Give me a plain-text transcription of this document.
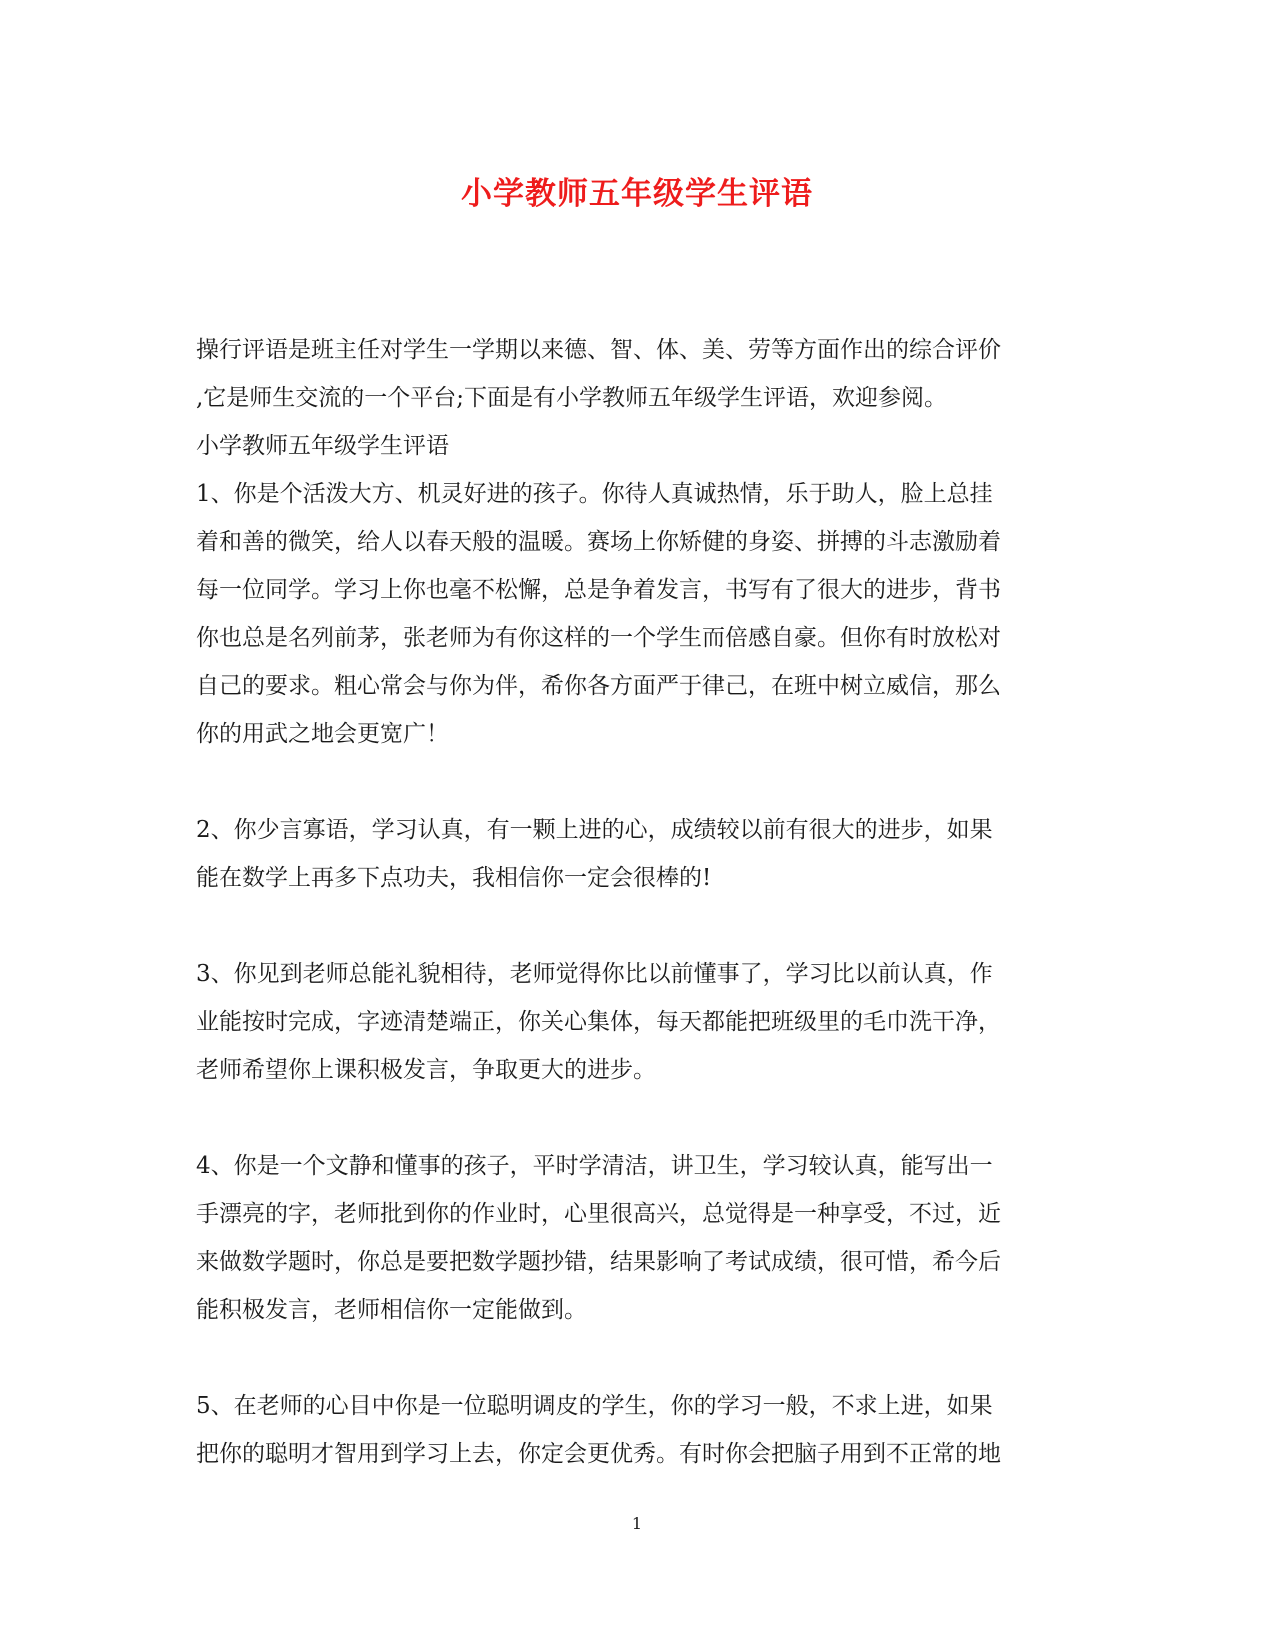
小学教师五年级学生评语
操行评语是班主任对学生一学期以来德、智、体、美、劳等方面作出的综合评价
,它是师生交流的一个平台;下面是有小学教师五年级学生评语，欢迎参阅。
小学教师五年级学生评语
1、你是个活泼大方、机灵好进的孩子。你待人真诚热情，乐于助人，脸上总挂
着和善的微笑，给人以春天般的温暖。赛场上你矫健的身姿、拼搏的斗志激励着
每一位同学。学习上你也毫不松懈，总是争着发言，书写有了很大的进步，背书
你也总是名列前茅，张老师为有你这样的一个学生而倍感自豪。但你有时放松对
自己的要求。粗心常会与你为伴，希你各方面严于律己，在班中树立威信，那么
你的用武之地会更宽广！
2、你少言寡语，学习认真，有一颗上进的心，成绩较以前有很大的进步，如果
能在数学上再多下点功夫，我相信你一定会很棒的!
3、你见到老师总能礼貌相待，老师觉得你比以前懂事了，学习比以前认真，作
业能按时完成，字迹清楚端正，你关心集体，每天都能把班级里的毛巾洗干净，
老师希望你上课积极发言，争取更大的进步。
4、你是一个文静和懂事的孩子，平时学清洁，讲卫生，学习较认真，能写出一
手漂亮的字，老师批到你的作业时，心里很高兴，总觉得是一种享受，不过，近
来做数学题时，你总是要把数学题抄错，结果影响了考试成绩，很可惜，希今后
能积极发言，老师相信你一定能做到。
5、在老师的心目中你是一位聪明调皮的学生，你的学习一般，不求上进，如果
把你的聪明才智用到学习上去，你定会更优秀。有时你会把脑子用到不正常的地
1
